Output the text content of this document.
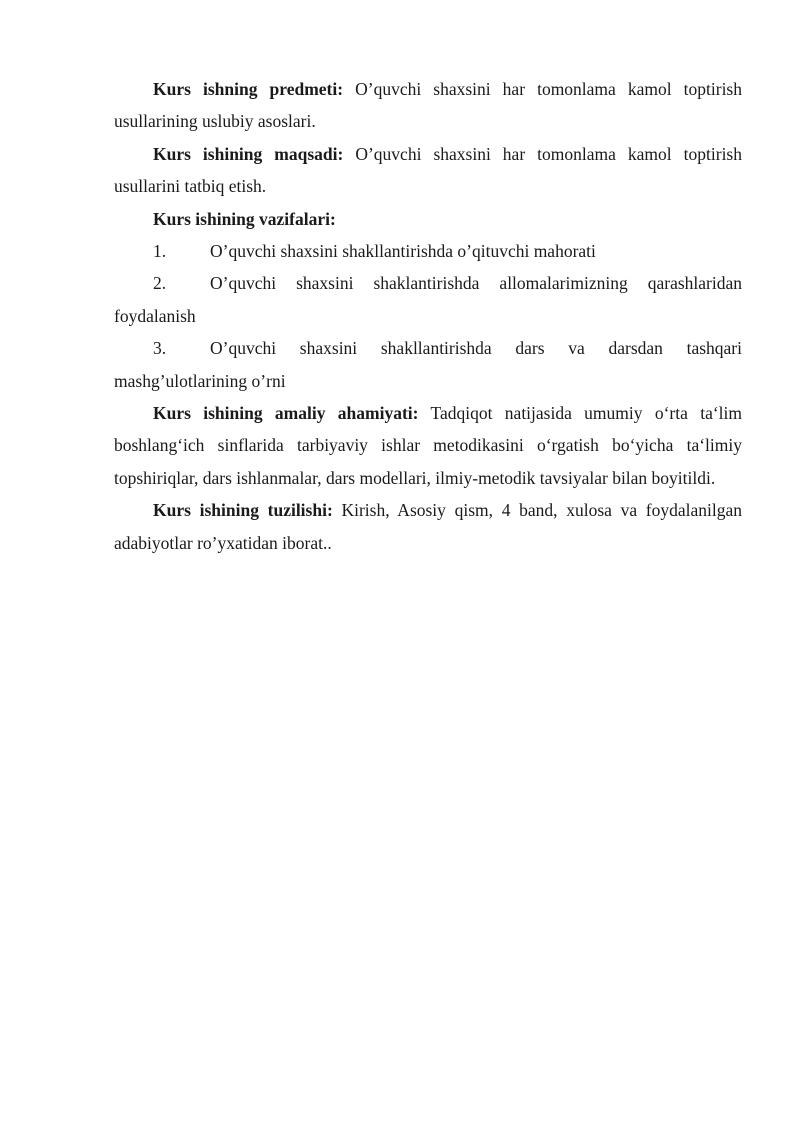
Kurs ishning predmeti: O’quvchi shaxsini har tomonlama kamol toptirish usullarining uslubiy asoslari.

Kurs ishining maqsadi: O’quvchi shaxsini har tomonlama kamol toptirish usullarini tatbiq etish.

Kurs ishining vazifalari:

1.	O’quvchi shaxsini shakllantirishda o’qituvchi mahorati

2.	O’quvchi shaxsini shaklantirishda allomalarimizning qarashlaridan foydalanish

3.	O’quvchi shaxsini shakllantirishda dars va darsdan tashqari mashg’ulotlarining o’rni

Kurs ishining amaliy ahamiyati: Tadqiqot natijasida umumiy o‘rta ta‘lim boshlang‘ich sinflarida tarbiyaviy ishlar metodikasini o‘rgatish bo‘yicha ta‘limiy topshiriqlar, dars ishlanmalar, dars modellari, ilmiy-metodik tavsiyalar bilan boyitildi.

Kurs ishining tuzilishi: Kirish, Asosiy qism, 4 band, xulosa va foydalanilgan adabiyotlar ro’yxatidan iborat..
